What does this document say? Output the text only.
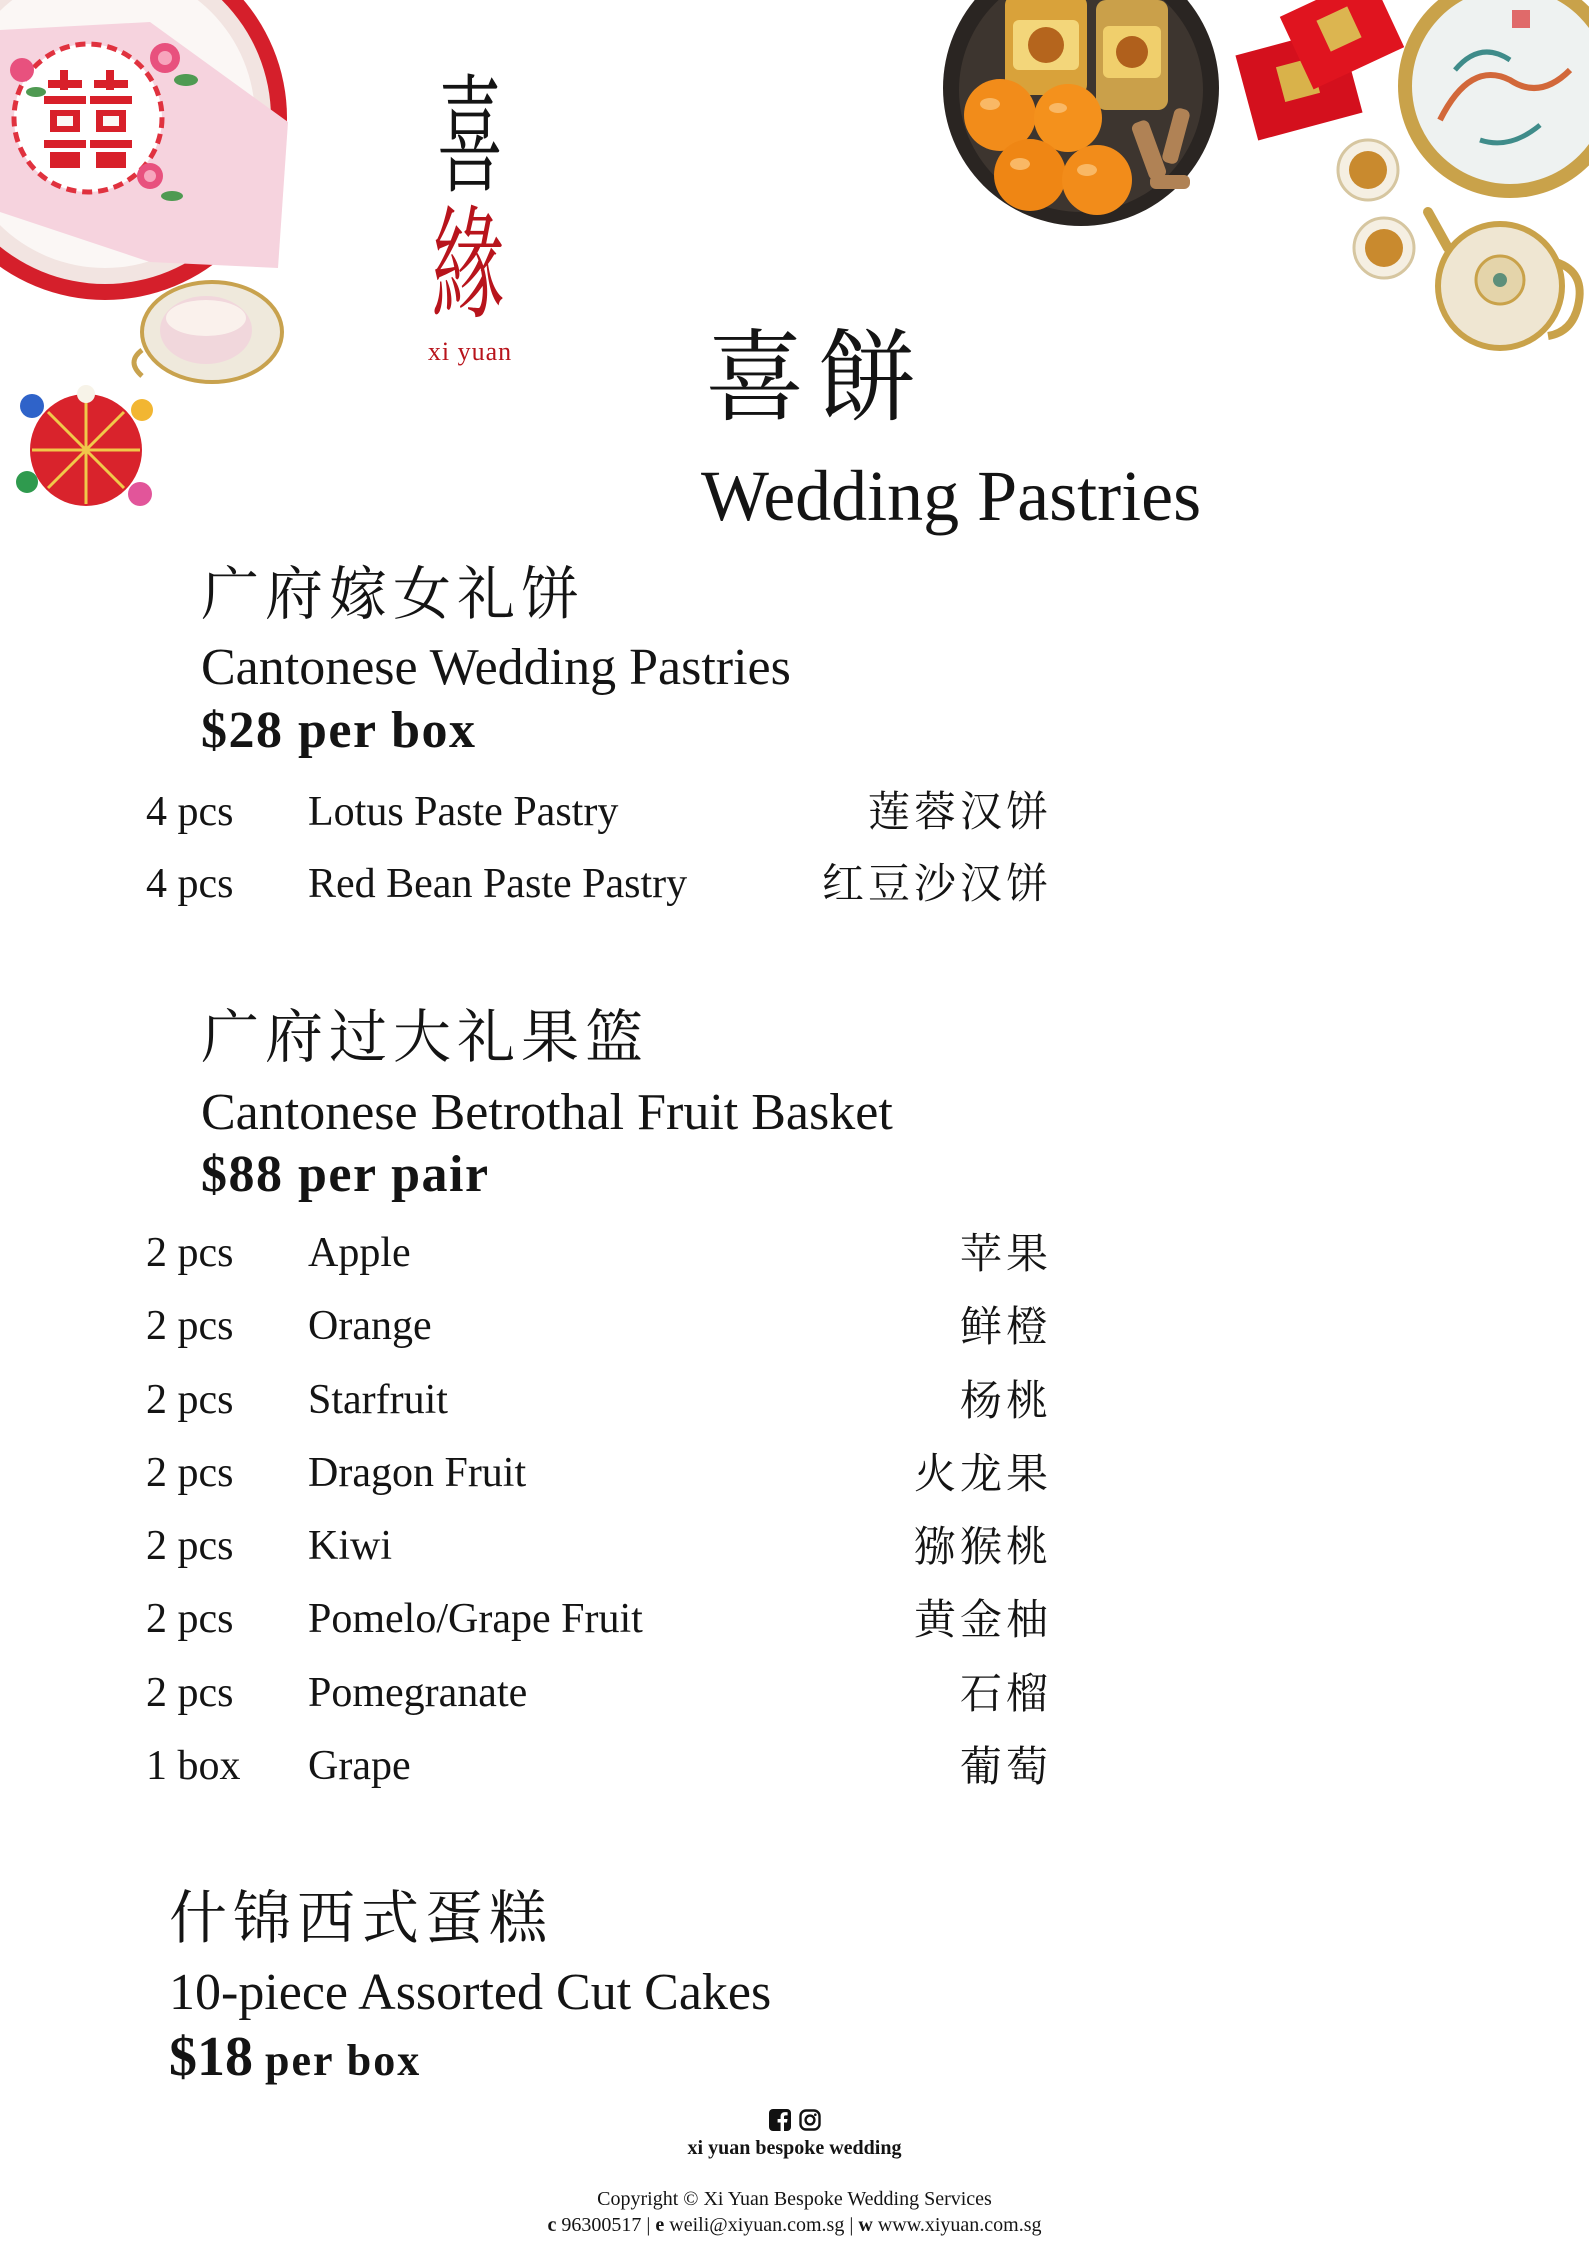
喜
緣
xi yuan 喜餅
Wedding Pastries
广府嫁女礼饼
Cantonese Wedding Pastries
$28 per box
4 pcs Lotus Paste Pastry	莲蓉汉饼
4 pcs Red Bean Paste Pastry	红豆沙汉饼
广府过大礼果篮
Cantonese Betrothal Fruit Basket
$88 per pair
2 pcs Apple	苹果
2 pcs Orange	鲜橙
2 pcs Starfruit	杨桃
2 pcs Dragon Fruit	火龙果
2 pcs Kiwi	猕猴桃
2 pcs Pomelo/Grape Fruit	黄金柚
2 pcs Pomegranate	石榴
1 box Grape	葡萄
什锦西式蛋糕
10-piece Assorted Cut Cakes
$18 per box

xi yuan bespoke wedding
Copyright © Xi Yuan Bespoke Wedding Services
c 96300517 | e weili@xiyuan.com.sg | w www.xiyuan.com.sg
